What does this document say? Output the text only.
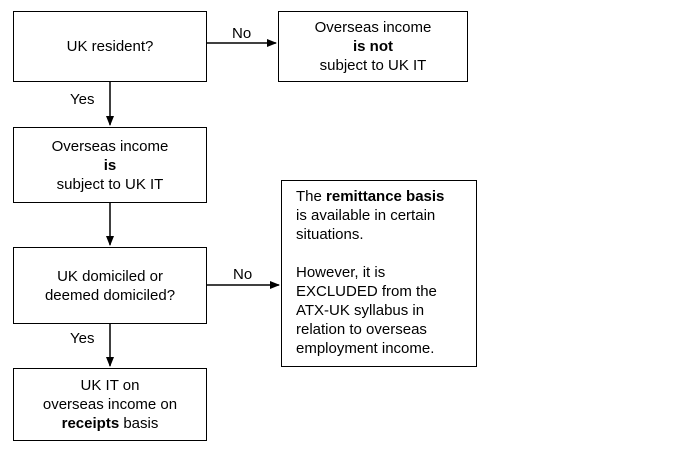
UK resident?
Overseas income
is not
subject to UK IT
Overseas income
is
subject to UK IT
UK domiciled or
deemed domiciled?
UK IT on
overseas income on
receipts basis
The remittance basis
is available in certain
situations.
However, it is
EXCLUDED from the
ATX-UK syllabus in
relation to overseas
employment income.
No
Yes
No
Yes
